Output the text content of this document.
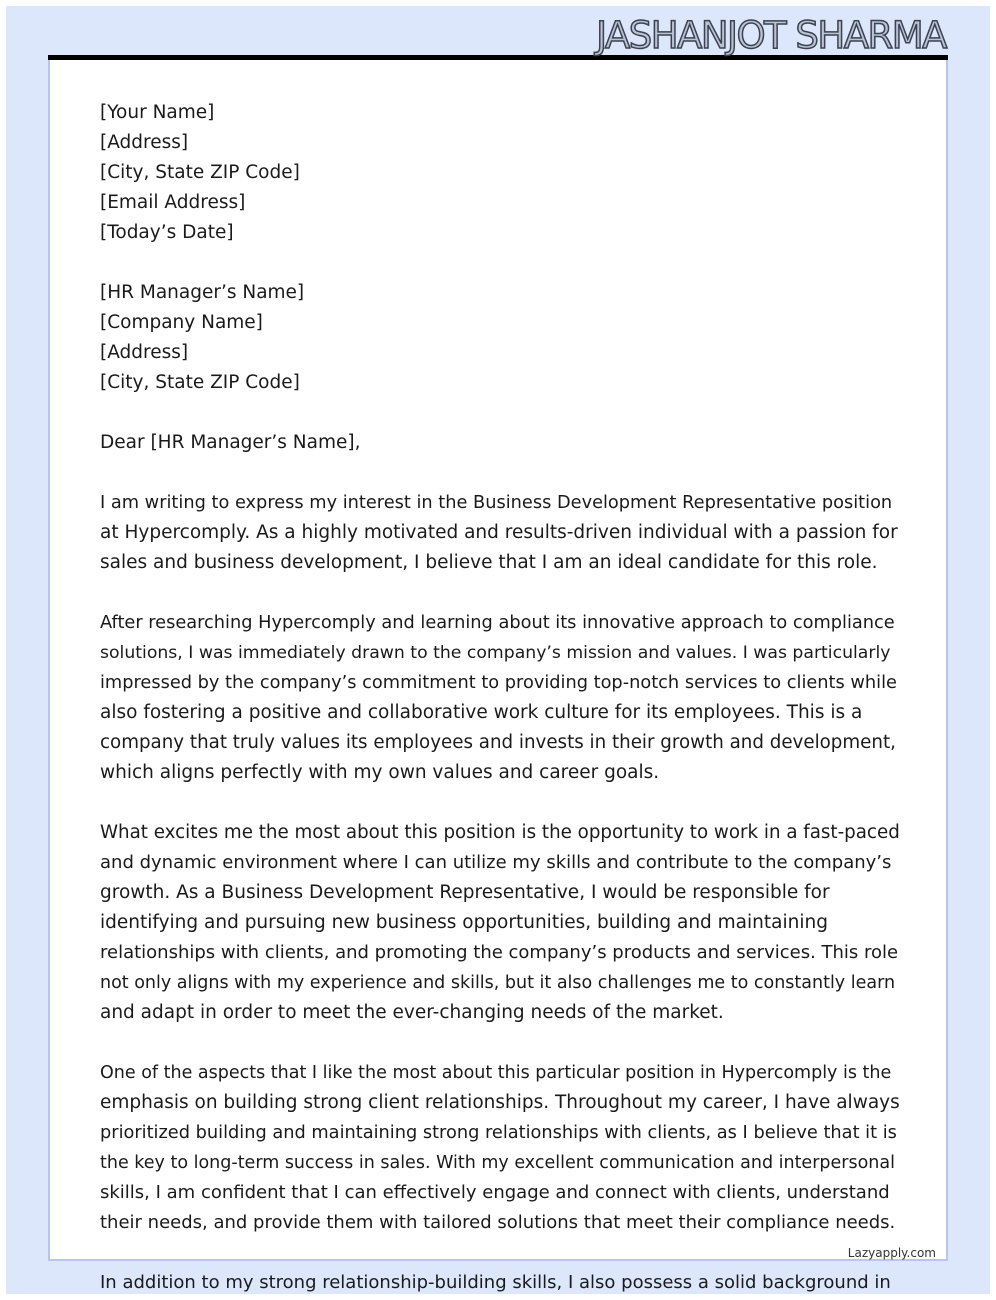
JASHANJOT SHARMA
[Your Name]
[Address]
[City, State ZIP Code]
[Email Address]
[Today’s Date]
[HR Manager’s Name]
[Company Name]
[Address]
[City, State ZIP Code]
Dear [HR Manager’s Name],
I am writing to express my interest in the Business Development Representative position
at Hypercomply. As a highly motivated and results-driven individual with a passion for
sales and business development, I believe that I am an ideal candidate for this role.
After researching Hypercomply and learning about its innovative approach to compliance
solutions, I was immediately drawn to the company’s mission and values. I was particularly
impressed by the company’s commitment to providing top-notch services to clients while
also fostering a positive and collaborative work culture for its employees. This is a
company that truly values its employees and invests in their growth and development,
which aligns perfectly with my own values and career goals.
What excites me the most about this position is the opportunity to work in a fast-paced
and dynamic environment where I can utilize my skills and contribute to the company’s
growth. As a Business Development Representative, I would be responsible for
identifying and pursuing new business opportunities, building and maintaining
relationships with clients, and promoting the company’s products and services. This role
not only aligns with my experience and skills, but it also challenges me to constantly learn
and adapt in order to meet the ever-changing needs of the market.
One of the aspects that I like the most about this particular position in Hypercomply is the
emphasis on building strong client relationships. Throughout my career, I have always
prioritized building and maintaining strong relationships with clients, as I believe that it is
the key to long-term success in sales. With my excellent communication and interpersonal
skills, I am confident that I can effectively engage and connect with clients, understand
their needs, and provide them with tailored solutions that meet their compliance needs.
In addition to my strong relationship-building skills, I also possess a solid background in
Lazyapply.com
